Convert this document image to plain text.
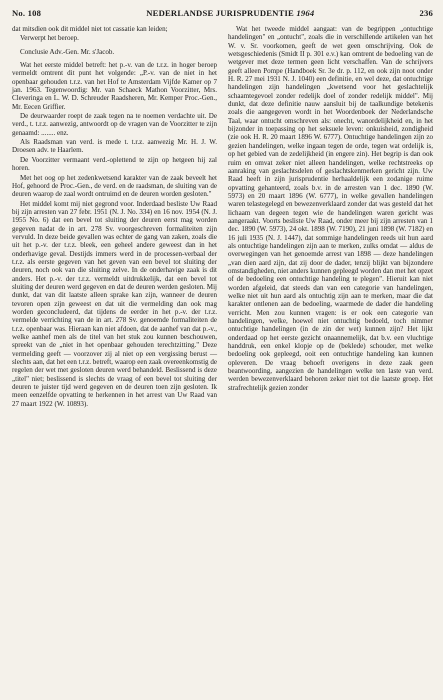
No. 108	NEDERLANDSE JURISPRUDENTIE 1964	236

dat mitsdien ook dit middel niet tot cassatie kan leiden;

Verwerpt het beroep.

Conclusie Adv.-Gen. Mr. s'Jacob.

Wat het eerste middel betreft: het p.-v. van de t.r.z. in hoger beroep vermeldt omtrent dit punt het volgende: „P.-v. van de niet in het openbaar gehouden t.r.z. van het Hof te Amsterdam Vijfde Kamer op 7 jan. 1963. Tegenwoordig: Mr. van Schaeck Mathon Voorzitter, Mrs. Cleveringa en L. W. D. Schreuder Raadsheren, Mr. Kemper Proc.-Gen., Mr. Eecen Griffier.

De deurwaarder roept de zaak tegen na te noemen verdachte uit. De verd., t. t.r.z. aanwezig, antwoordt op de vragen van de Voorzitter te zijn genaamd: ........ enz.

Als Raadsman van verd. is mede t. t.r.z. aanwezig Mr. H. J. W. Droesen adv. te Haarlem.

De Voorzitter vermaant verd.-oplettend te zijn op hetgeen hij zal horen.

Met het oog op het zedenkwetsend karakter van de zaak beveelt het Hof, gehoord de Proc.-Gen., de verd. en de raadsman, de sluiting van de deuren waarop de zaal wordt ontruimd en de deuren worden gesloten."

Het middel komt mij niet gegrond voor. Inderdaad besliste Uw Raad bij zijn arresten van 27 febr. 1951 (N. J. No. 334) en 16 nov. 1954 (N. J. 1955 No. 6) dat een bevel tot sluiting der deuren eerst mag worden gegeven nadat de in art. 278 Sv. voorgeschreven formaliteiten zijn vervuld. In deze beide gevallen was echter de gang van zaken, zoals die uit het p.-v. der t.r.z. bleek, een geheel andere geweest dan in het onderhavige geval. Destijds immers werd in de processen-verbaal der t.r.z. als eerste gegeven van het geven van een bevel tot sluiting der deuren, noch ook van die sluiting zelve. In de onderhavige zaak is dit anders. Het p.-v. der t.r.z. vermeldt uitdrukkelijk, dat een bevel tot sluiting der deuren werd gegeven en dat de deuren werden gesloten. Mij dunkt, dat van dit laatste alleen sprake kan zijn, wanneer de deuren tevoren open zijn geweest en dat uit die vermelding dan ook mag worden geconcludeerd, dat tijdens de eerder in het p.-v. der t.r.z. vermelde verrichting van de in art. 278 Sv. genoemde formaliteiten de t.r.z. openbaar was. Hieraan kan niet afdoen, dat de aanhef van dat p.-v., welke aanhef men als de titel van het stuk zou kunnen beschouwen, spreekt van de „niet in het openbaar gehouden terechtzitting." Deze vermelding geeft — voorzover zij al niet op een vergissing berust — slechts aan, dat het een t.r.z. betreft, waarop een zaak overeenkomstig de regelen der wet met gesloten deuren werd behandeld. Beslissend is deze „titel" niet; beslissend is slechts de vraag of een bevel tot sluiting der deuren te juister tijd werd gegeven en de deuren toen zijn gesloten. Ik meen eenzelfde opvatting te herkennen in het arrest van Uw Raad van 27 maart 1922 (W. 10893).

Wat het tweede middel aangaat: van de begrippen „ontuchtige handelingen" en „ontucht", zoals die in verschillende artikelen van het W. v. Sr. voorkomen, geeft de wet geen omschrijving. Ook de wetsgeschiedenis (Smidt II p. 301 e.v.) kan omtrent de bedoeling van de wetgever met deze termen geen licht verschaffen. Van de schrijvers geeft alleen Pompe (Handboek Sr. 3e dr. p. 112, en ook zijn noot onder H. R. 27 mei 1931 N. J. 1040) een definitie, en wel deze, dat ontuchtige handelingen zijn handelingen „kwetsend voor het geslachtelijk schaamtegevoel zonder redelijk doel of zonder redelijk middel". Mij dunkt, dat deze definitie nauw aansluit bij de taalkundige betekenis zoals die aangegeven wordt in het Woordenboek der Nederlandsche Taal, waar ontucht omschreven als: onecht, wanordelijkheid en, in het bijzonder in toepassing op het seksuele leven: onkuisheid, zondigheid (zie ook H. R. 20 maart 1896 W. 6777). Ontuchtige handelingen zijn zo gezien handelingen, welke ingaan tegen de orde, tegen wat ordelijk is, op het gebied van de zedelijkheid (in engere zin). Het begrip is dan ook ruim en omvat zeker niet alleen handelingen, welke rechtstreeks op aanraking van geslachtsdelen of geslachtskenmerken gericht zijn. Uw Raad heeft in zijn jurisprudentie herhaaldelijk een zodanige ruime opvatting gehanteerd, zoals b.v. in de arresten van 1 dec. 1890 (W. 5973) en 20 maart 1896 (W. 6777), in welke gevallen handelingen waren telastegelegd en bewezenverklaard zonder dat was gesteld dat het lichaam van degeen tegen wie de handelingen waren gericht was aangeraakt. Voorts besliste Uw Raad, onder meer bij zijn arresten van 1 dec. 1890 (W. 5973), 24 okt. 1898 (W. 7190), 21 juni 1898 (W. 7182) en 16 juli 1935 (N. J. 1447), dat sommige handelingen reeds uit hun aard als ontuchtige handelingen zijn aan te merken, zulks omdat — aldus de overwegingen van het genoemde arrest van 1898 — deze handelingen „van dien aard zijn, dat zij door de dader, tenzij blijkt van bijzondere omstandigheden, niet anders kunnen gepleegd worden dan met het opzet of de bedoeling een ontuchtige handeling te plegen". Hieruit kan niet worden afgeleid, dat steeds dan van een categorie van handelingen, welke niet uit hun aard als ontuchtig zijn aan te merken, maar die dat karakter ontlenen aan de bedoeling, waarmede de dader die handeling verricht. Men zou kunnen vragen: is er ook een categorie van handelingen, welke, hoewel niet ontuchtig bedoeld, toch nimmer ontuchtige handelingen (in de zin der wet) kunnen zijn? Het lijkt onderdaad op het eerste gezicht onaannemelijk, dat b.v. een vluchtige handdruk, een enkel klopje op de (beklede) schouder, met welke bedoeling ook gepleegd, ooit een ontuchtige handeling kan kunnen opleveren. De vraag behoeft overigens in deze zaak geen beantwoording, aangezien de handelingen welke ten laste van verd. werden bewezenverklaard behoren zeker niet tot die laatste groep. Het strafrechtelijk gezien zonder
